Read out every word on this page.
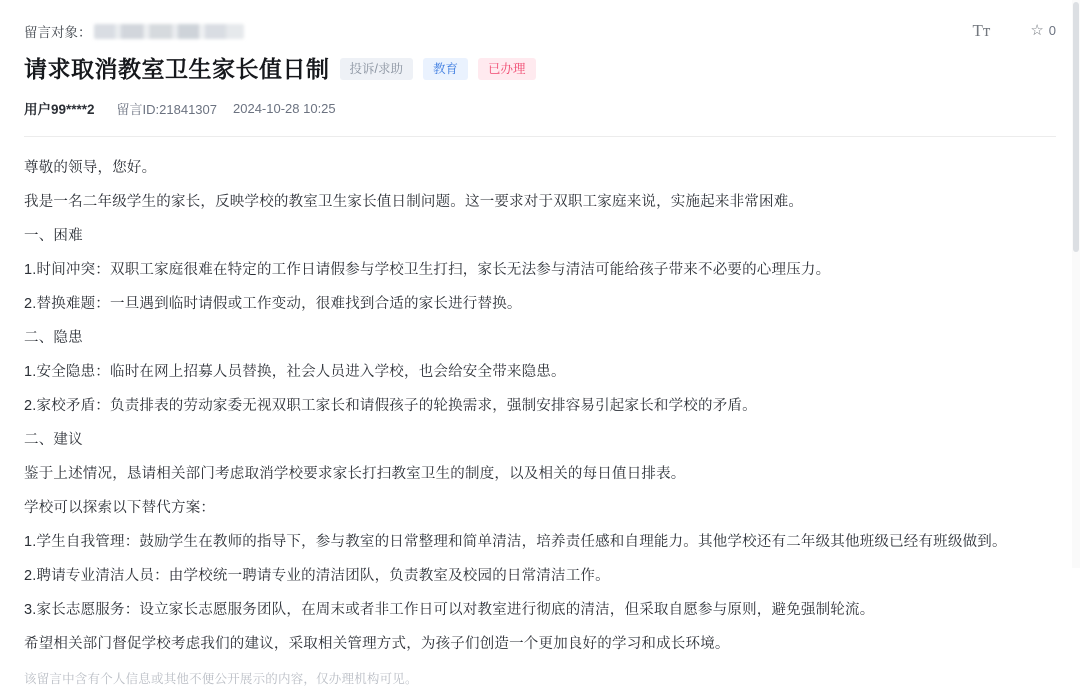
留言对象：
请求取消教室卫生家长值日制	投诉/求助	教育	已办理
用户99****2 留言ID:21841307 2024-10-28 10:25
Tт	☆ 0

尊敬的领导，您好。

我是一名二年级学生的家长，反映学校的教室卫生家长值日制问题。这一要求对于双职工家庭来说，实施起来非常困难。

一、困难

1.时间冲突：双职工家庭很难在特定的工作日请假参与学校卫生打扫，家长无法参与清洁可能给孩子带来不必要的心理压力。

2.替换难题：一旦遇到临时请假或工作变动，很难找到合适的家长进行替换。

二、隐患

1.安全隐患：临时在网上招募人员替换，社会人员进入学校，也会给安全带来隐患。

2.家校矛盾：负责排表的劳动家委无视双职工家长和请假孩子的轮换需求，强制安排容易引起家长和学校的矛盾。

二、建议

鉴于上述情况，恳请相关部门考虑取消学校要求家长打扫教室卫生的制度，以及相关的每日值日排表。

学校可以探索以下替代方案：

1.学生自我管理：鼓励学生在教师的指导下，参与教室的日常整理和简单清洁，培养责任感和自理能力。其他学校还有二年级其他班级已经有班级做到。

2.聘请专业清洁人员：由学校统一聘请专业的清洁团队，负责教室及校园的日常清洁工作。

3.家长志愿服务：设立家长志愿服务团队，在周末或者非工作日可以对教室进行彻底的清洁，但采取自愿参与原则，避免强制轮流。

希望相关部门督促学校考虑我们的建议，采取相关管理方式，为孩子们创造一个更加良好的学习和成长环境。

该留言中含有个人信息或其他不便公开展示的内容，仅办理机构可见。
